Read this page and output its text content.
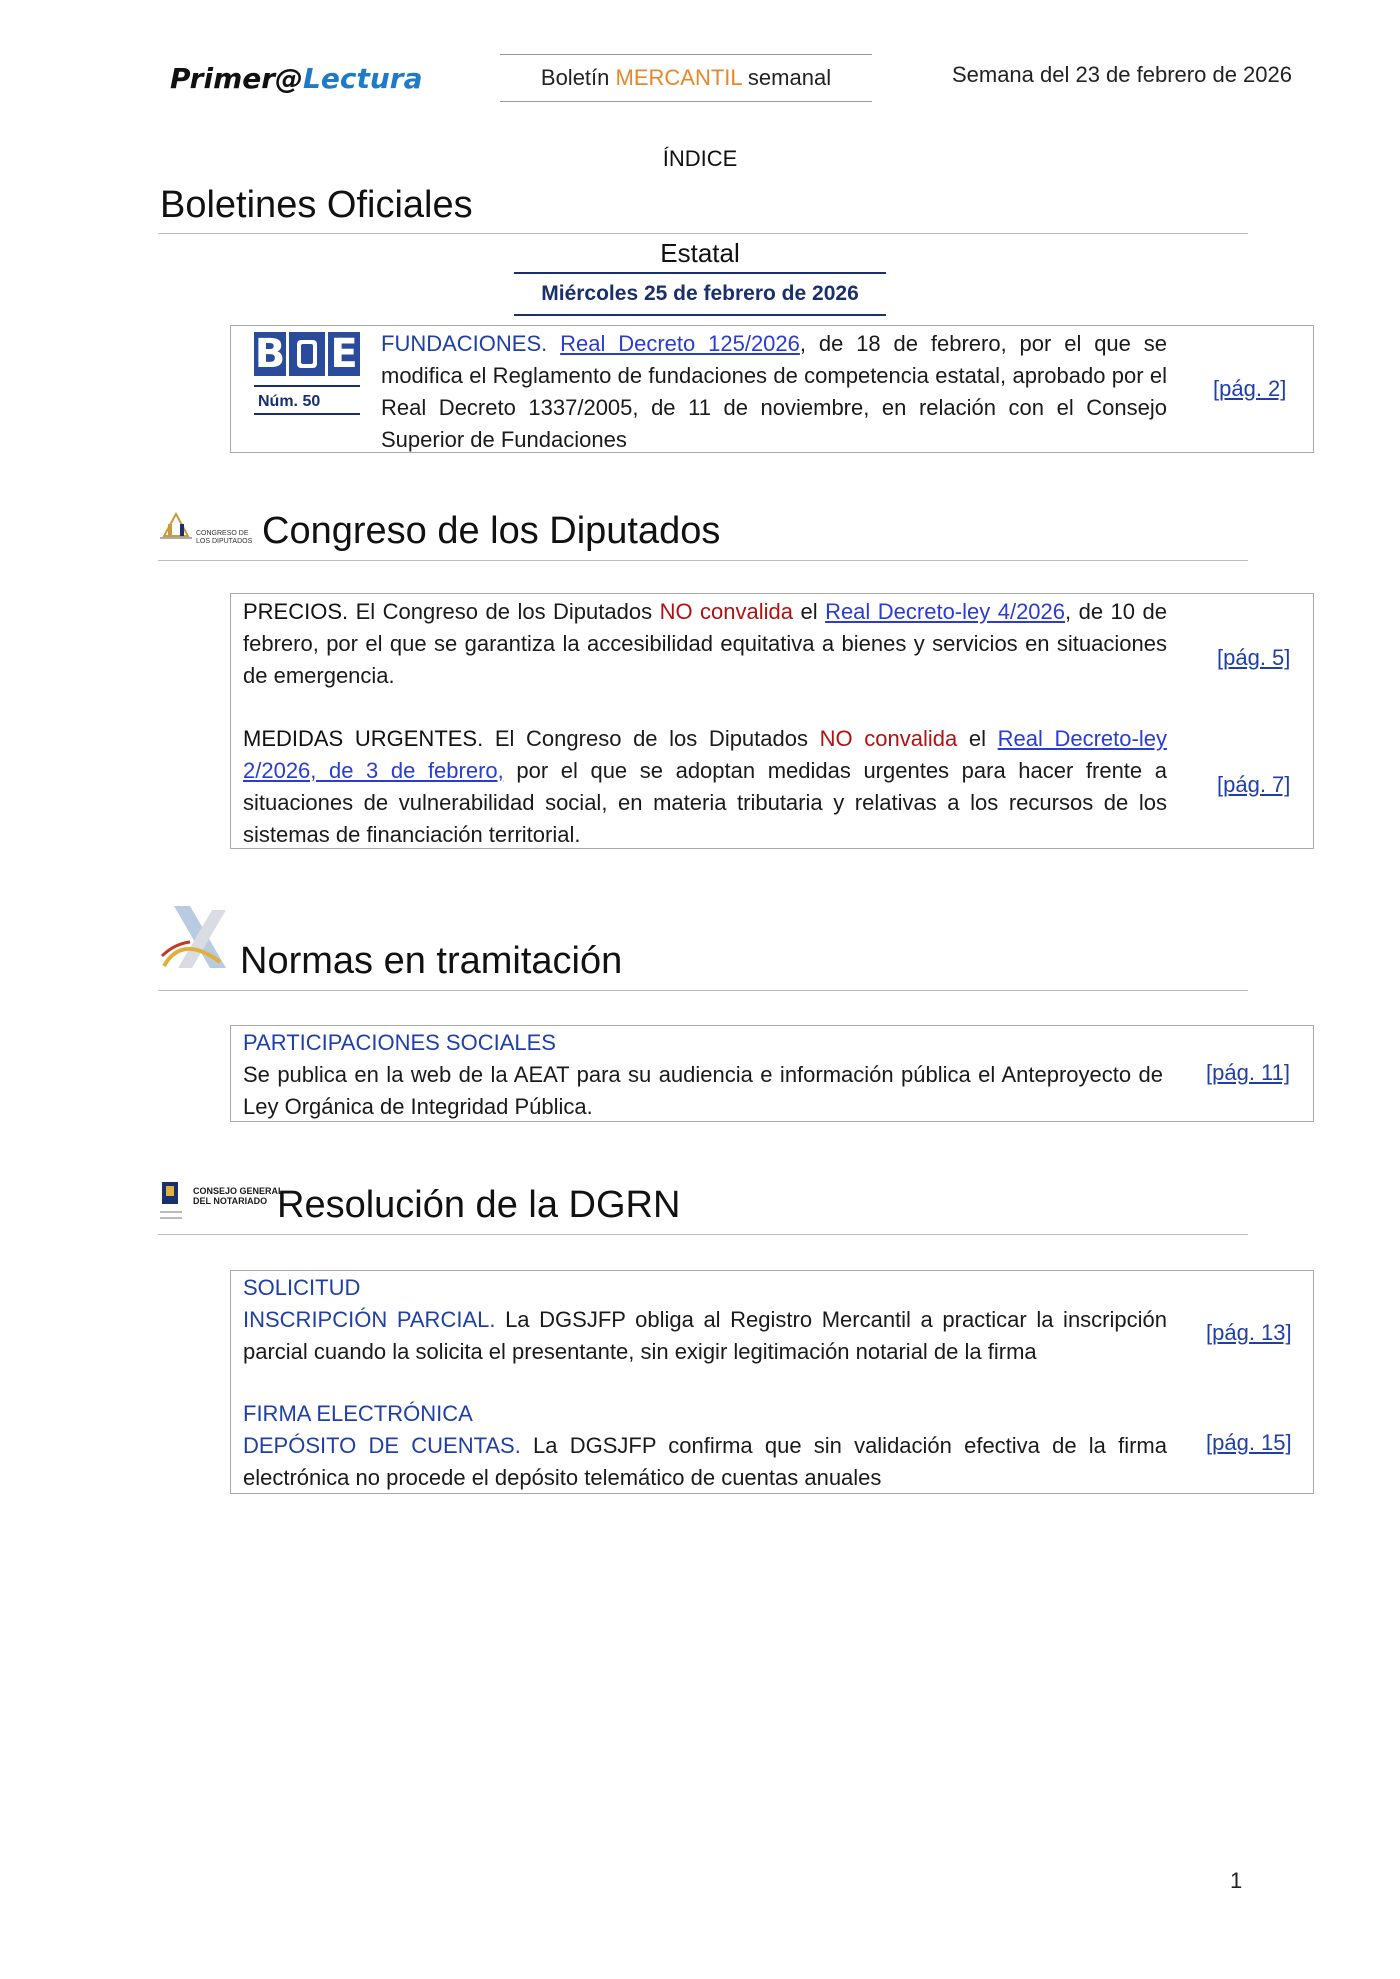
Primer@Lectura	Boletín MERCANTIL semanal	Semana del 23 de febrero de 2026
ÍNDICE
Boletines Oficiales
Estatal
Miércoles 25 de febrero de 2026
B E
Núm. 50
FUNDACIONES. Real Decreto 125/2026, de 18 de febrero, por el que se modifica el Reglamento de fundaciones de competencia estatal, aprobado por el Real Decreto 1337/2005, de 11 de noviembre, en relación con el Consejo Superior de Fundaciones
[pág. 2]
CONGRESO DE LOS DIPUTADOS Congreso de los Diputados
PRECIOS. El Congreso de los Diputados NO convalida el Real Decreto-ley 4/2026, de 10 de febrero, por el que se garantiza la accesibilidad equitativa a bienes y servicios en situaciones de emergencia.
[pág. 5]
MEDIDAS URGENTES. El Congreso de los Diputados NO convalida el Real Decreto-ley 2/2026, de 3 de febrero, por el que se adoptan medidas urgentes para hacer frente a situaciones de vulnerabilidad social, en materia tributaria y relativas a los recursos de los sistemas de financiación territorial.
[pág. 7]
Normas en tramitación
PARTICIPACIONES SOCIALES
Se publica en la web de la AEAT para su audiencia e información pública el Anteproyecto de Ley Orgánica de Integridad Pública.
[pág. 11]
CONSEJO GENERAL
DEL NOTARIADO Resolución de la DGRN
SOLICITUD
INSCRIPCIÓN PARCIAL. La DGSJFP obliga al Registro Mercantil a practicar la inscripción parcial cuando la solicita el presentante, sin exigir legitimación notarial de la firma
[pág. 13]
FIRMA ELECTRÓNICA
DEPÓSITO DE CUENTAS. La DGSJFP confirma que sin validación efectiva de la firma electrónica no procede el depósito telemático de cuentas anuales
[pág. 15]
1
